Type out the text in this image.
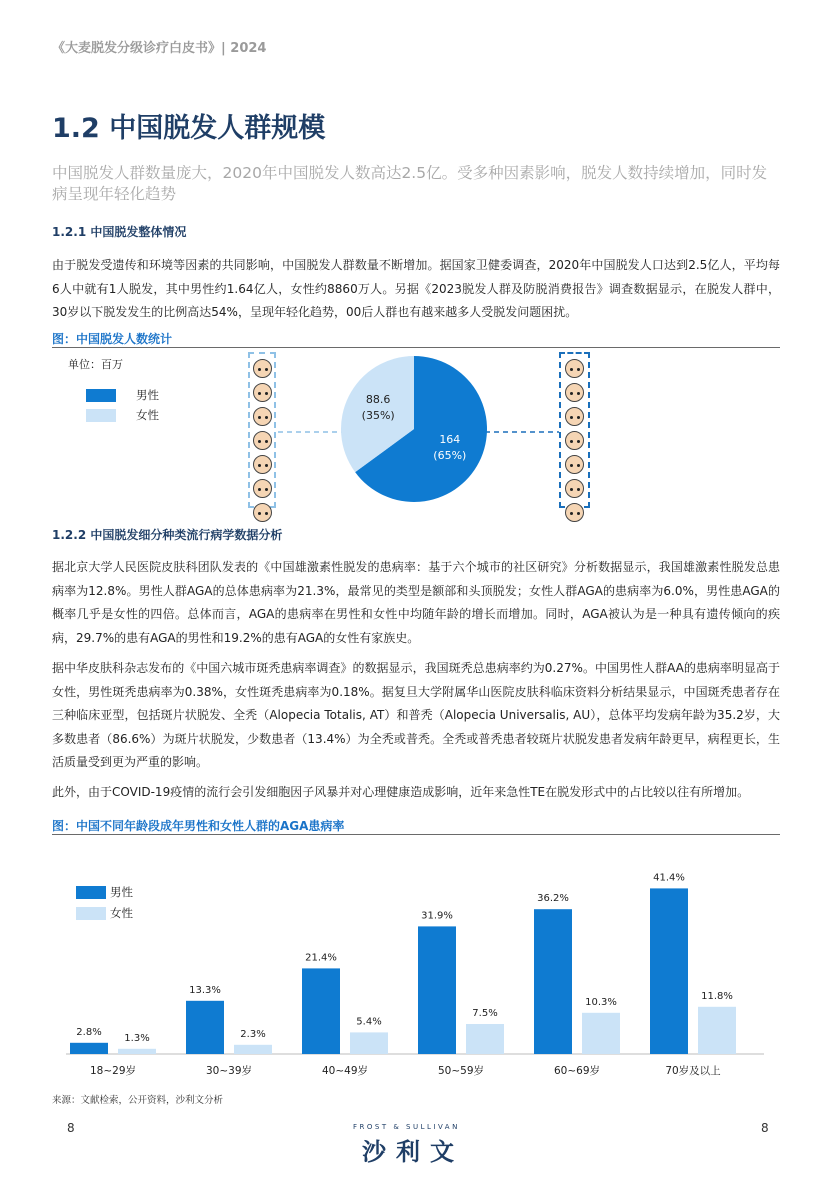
《大麦脱发分级诊疗白皮书》| 2024
1.2 中国脱发人群规模
中国脱发人群数量庞大，2020年中国脱发人数高达2.5亿。受多种因素影响，脱发人数持续增加，同时发病呈现年轻化趋势
1.2.1 中国脱发整体情况
由于脱发受遗传和环境等因素的共同影响，中国脱发人群数量不断增加。据国家卫健委调查，2020年中国脱发人口达到2.5亿人，平均每6人中就有1人脱发，其中男性约1.64亿人，女性约8860万人。另据《2023脱发人群及防脱消费报告》调查数据显示，在脱发人群中，30岁以下脱发发生的比例高达54%，呈现年轻化趋势，00后人群也有越来越多人受脱发问题困扰。
图：中国脱发人数统计
单位：百万
男性
女性
88.6
(35%)
164
(65%)
1.2.2 中国脱发细分种类流行病学数据分析
据北京大学人民医院皮肤科团队发表的《中国雄激素性脱发的患病率：基于六个城市的社区研究》分析数据显示，我国雄激素性脱发总患病率为12.8%。男性人群AGA的总体患病率为21.3%，最常见的类型是额部和头顶脱发；女性人群AGA的患病率为6.0%，男性患AGA的概率几乎是女性的四倍。总体而言，AGA的患病率在男性和女性中均随年龄的增长而增加。同时，AGA被认为是一种具有遗传倾向的疾病，29.7%的患有AGA的男性和19.2%的患有AGA的女性有家族史。
据中华皮肤科杂志发布的《中国六城市斑秃患病率调查》的数据显示，我国斑秃总患病率约为0.27%。中国男性人群AA的患病率明显高于女性，男性斑秃患病率为0.38%，女性斑秃患病率为0.18%。据复旦大学附属华山医院皮肤科临床资料分析结果显示，中国斑秃患者存在三种临床亚型，包括斑片状脱发、全秃（Alopecia Totalis, AT）和普秃（Alopecia Universalis, AU），总体平均发病年龄为35.2岁，大多数患者（86.6%）为斑片状脱发，少数患者（13.4%）为全秃或普秃。全秃或普秃患者较斑片状脱发患者发病年龄更早，病程更长，生活质量受到更为严重的影响。
此外，由于COVID-19疫情的流行会引发细胞因子风暴并对心理健康造成影响，近年来急性TE在脱发形式中的占比较以往有所增加。
图：中国不同年龄段成年男性和女性人群的AGA患病率
男性
女性
2.8%
1.3%
18~29岁
13.3%
2.3%
30~39岁
21.4%
5.4%
40~49岁
31.9%
7.5%
50~59岁
36.2%
10.3%
60~69岁
41.4%
11.8%
70岁及以上
来源：文献检索，公开资料，沙利文分析
8	8
FROST & SULLIVAN
沙利文
